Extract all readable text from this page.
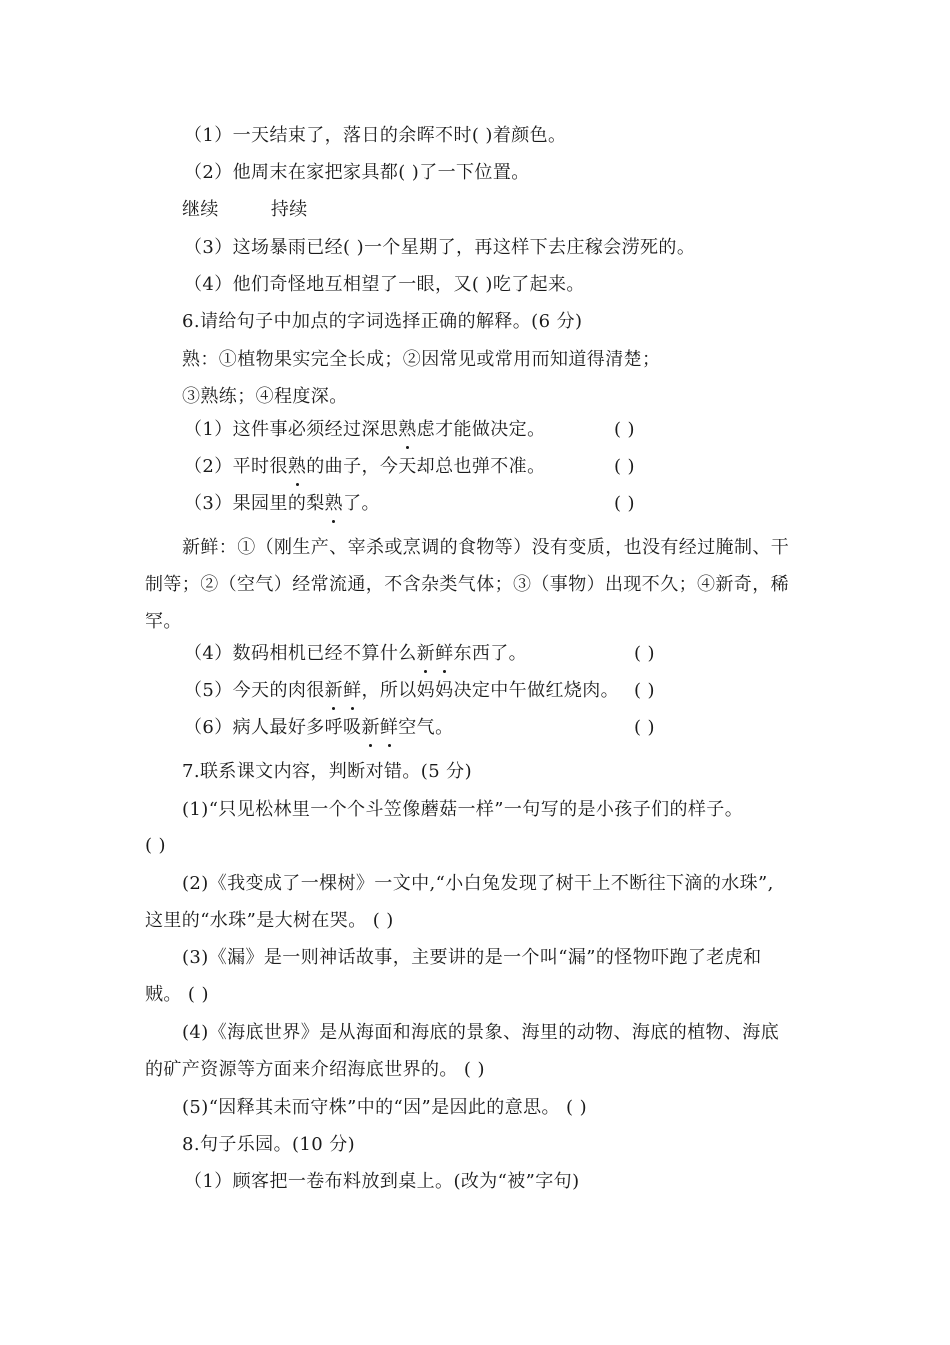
（1）一天结束了，落日的余晖不时( )着颜色。

（2）他周末在家把家具都( )了一下位置。

继续	持续

（3）这场暴雨已经( )一个星期了，再这样下去庄稼会涝死的。

（4）他们奇怪地互相望了一眼，又( )吃了起来。

6.请给句子中加点的字词选择正确的解释。(6 分)

熟：①植物果实完全长成；②因常见或常用而知道得清楚；

③熟练；④程度深。

（1）这件事必须经过深思熟虑才能做决定。	( )

（2）平时很熟的曲子，今天却总也弹不准。	( )

（3）果园里的梨熟了。	( )

新鲜：①（刚生产、宰杀或烹调的食物等）没有变质，也没有经过腌制、干

制等；②（空气）经常流通，不含杂类气体；③（事物）出现不久；④新奇，稀

罕。

（4）数码相机已经不算什么新鲜东西了。	( )

（5）今天的肉很新鲜，所以妈妈决定中午做红烧肉。 ( )

（6）病人最好多呼吸新鲜空气。	( )

7.联系课文内容，判断对错。(5 分)

(1)“只见松林里一个个斗笠像蘑菇一样”一句写的是小孩子们的样子。

( )

(2)《我变成了一棵树》一文中,“小白兔发现了树干上不断往下滴的水珠”,

这里的“水珠”是大树在哭。 ( )

(3)《漏》是一则神话故事，主要讲的是一个叫“漏”的怪物吓跑了老虎和

贼。 ( )

(4)《海底世界》是从海面和海底的景象、海里的动物、海底的植物、海底

的矿产资源等方面来介绍海底世界的。 ( )

(5)“因释其未而守株”中的“因”是因此的意思。 ( )

8.句子乐园。(10 分)

（1）顾客把一卷布料放到桌上。(改为“被”字句)
